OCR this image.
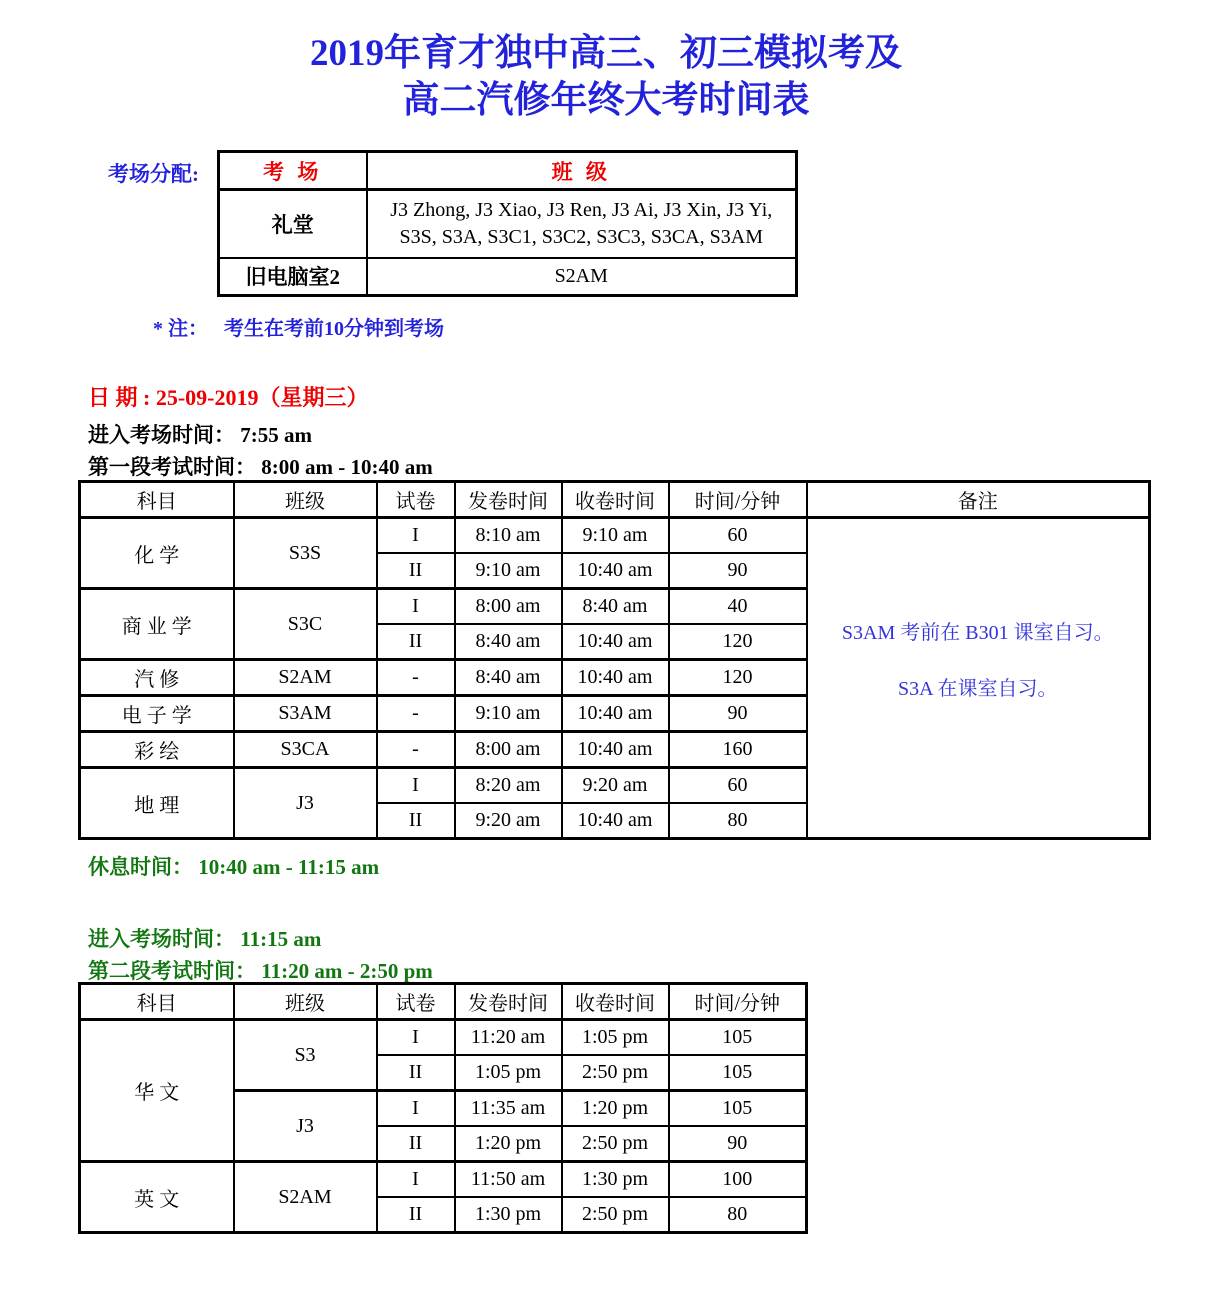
2019年育才独中高三、初三模拟考及
高二汽修年终大考时间表
考场分配:	考 场	班 级
礼堂	J3 Zhong, J3 Xiao, J3 Ren, J3 Ai, J3 Xin, J3 Yi,
S3S, S3A, S3C1, S3C2, S3C3, S3CA, S3AM

旧电脑室2	S2AM
* 注： 考生在考前10分钟到考场
日 期 : 25-09-2019（星期三）
进入考场时间： 7:55 am
第一段考试时间： 8:00 am - 10:40 am
科目	班级	试卷	发卷时间	收卷时间	时间/分钟	备注
化 学	S3S	I	8:10 am	9:10 am	60	S3AM 考前在 B301 课室自习。
S3A 在课室自习。

		II	9:10 am	10:40 am	90	
商 业 学	S3C	I	8:00 am	8:40 am	40	
		II	8:40 am	10:40 am	120	
汽 修	S2AM	-	8:40 am	10:40 am	120	
电 子 学	S3AM	-	9:10 am	10:40 am	90	
彩 绘	S3CA	-	8:00 am	10:40 am	160	
地 理	J3	I	8:20 am	9:20 am	60	
		II	9:20 am	10:40 am	80	
休息时间： 10:40 am - 11:15 am
进入考场时间： 11:15 am
第二段考试时间： 11:20 am - 2:50 pm
科目	班级	试卷	发卷时间	收卷时间	时间/分钟
华 文	S3	I	11:20 am	1:05 pm	105
		II	1:05 pm	2:50 pm	105
	J3	I	11:35 am	1:20 pm	105
		II	1:20 pm	2:50 pm	90
英 文	S2AM	I	11:50 am	1:30 pm	100
		II	1:30 pm	2:50 pm	80
